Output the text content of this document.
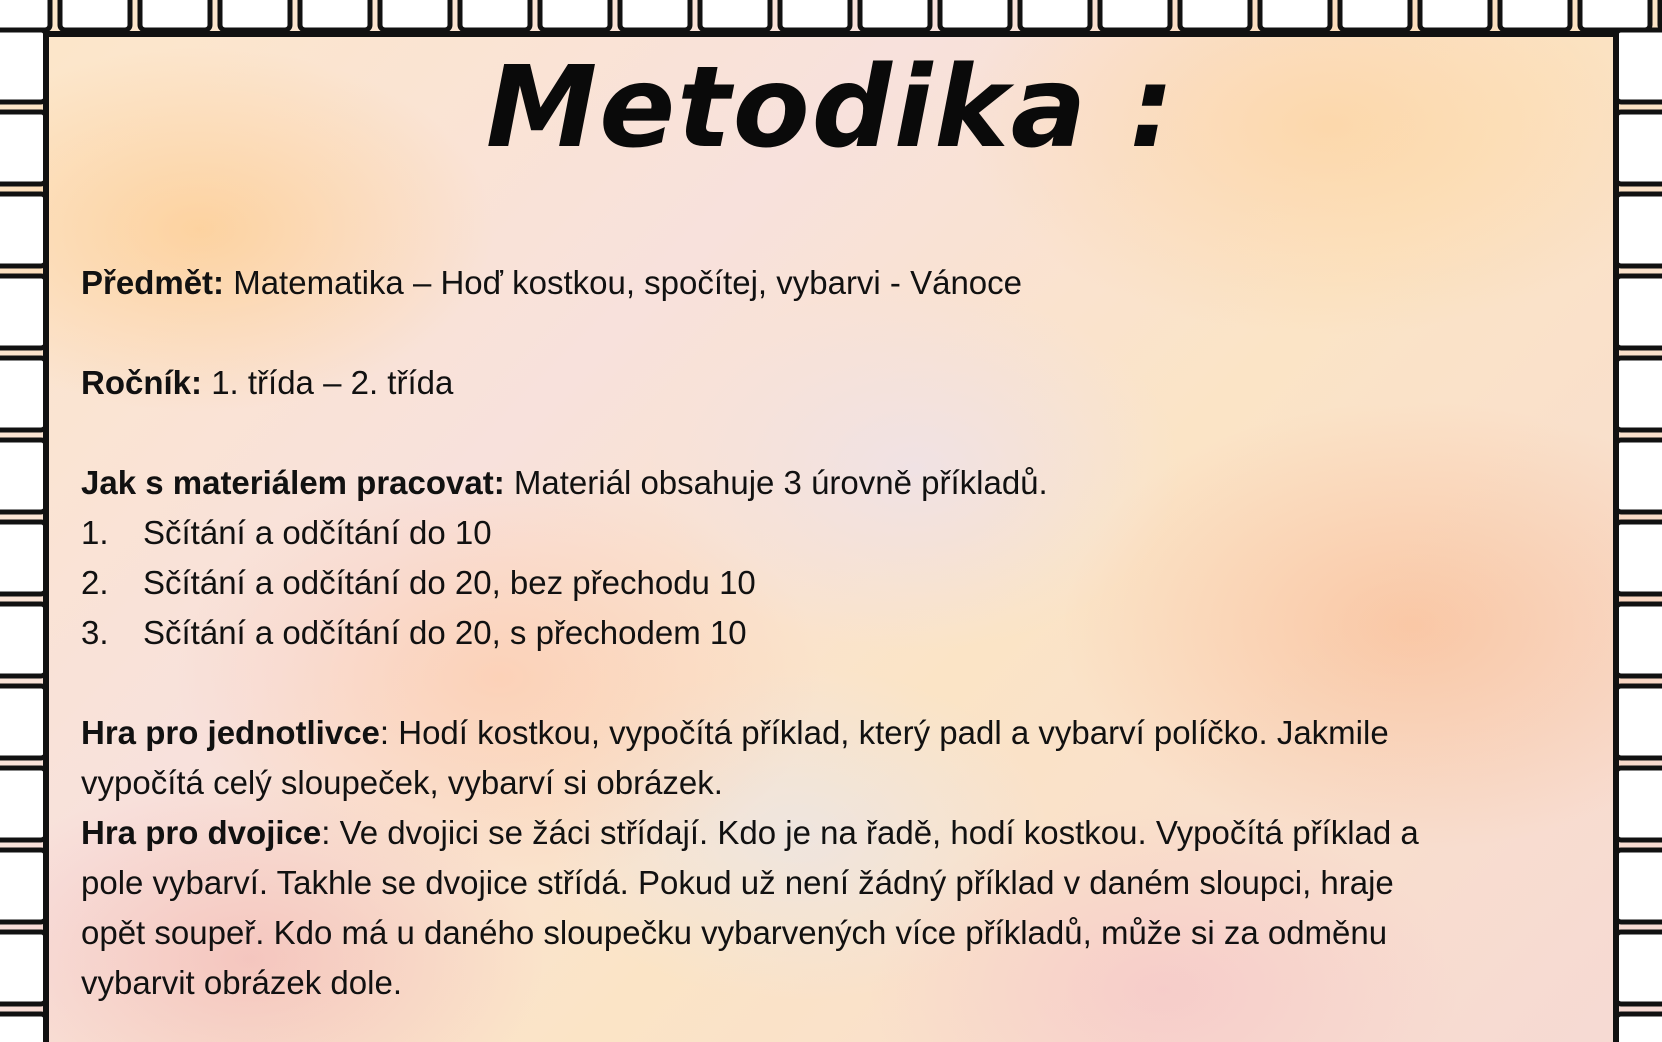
Metodika :
Předmět: Matematika – Hoď kostkou, spočítej, vybarvi - Vánoce
Ročník: 1. třída – 2. třída
Jak s materiálem pracovat: Materiál obsahuje 3 úrovně příkladů.
1.	Sčítání a odčítání do 10
2.	Sčítání a odčítání do 20, bez přechodu 10
3.	Sčítání a odčítání do 20, s přechodem 10
Hra pro jednotlivce: Hodí kostkou, vypočítá příklad, který padl a vybarví políčko. Jakmile
vypočítá celý sloupeček, vybarví si obrázek.
Hra pro dvojice: Ve dvojici se žáci střídají. Kdo je na řadě, hodí kostkou. Vypočítá příklad a
pole vybarví. Takhle se dvojice střídá. Pokud už není žádný příklad v daném sloupci, hraje
opět soupeř. Kdo má u daného sloupečku vybarvených více příkladů, může si za odměnu
vybarvit obrázek dole.
